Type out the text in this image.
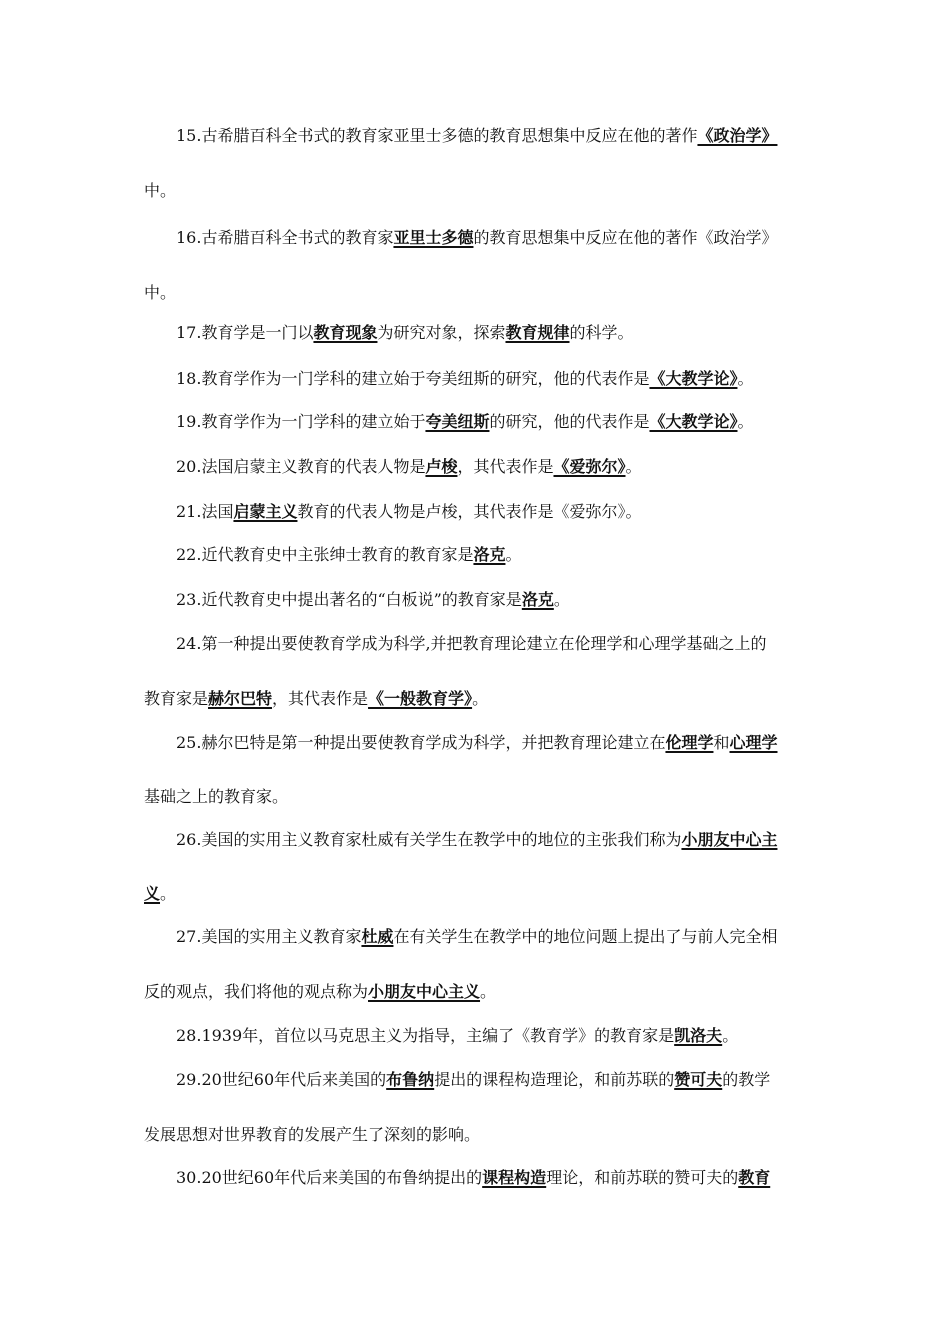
15.古希腊百科全书式的教育家亚里士多德的教育思想集中反应在他的著作《政治学》
中。
16.古希腊百科全书式的教育家亚里士多德的教育思想集中反应在他的著作《政治学》
中。
17.教育学是一门以教育现象为研究对象，探索教育规律的科学。
18.教育学作为一门学科的建立始于夸美纽斯的研究，他的代表作是《大教学论》。
19.教育学作为一门学科的建立始于夸美纽斯的研究，他的代表作是《大教学论》。
20.法国启蒙主义教育的代表人物是卢梭，其代表作是《爱弥尔》。
21.法国启蒙主义教育的代表人物是卢梭，其代表作是《爱弥尔》。
22.近代教育史中主张绅士教育的教育家是洛克。
23.近代教育史中提出著名的“白板说”的教育家是洛克。
24.第一种提出要使教育学成为科学,并把教育理论建立在伦理学和心理学基础之上的
教育家是赫尔巴特，其代表作是《一般教育学》。
25.赫尔巴特是第一种提出要使教育学成为科学，并把教育理论建立在伦理学和心理学
基础之上的教育家。
26.美国的实用主义教育家杜威有关学生在教学中的地位的主张我们称为小朋友中心主
义。
27.美国的实用主义教育家杜威在有关学生在教学中的地位问题上提出了与前人完全相
反的观点，我们将他的观点称为小朋友中心主义。
28.1939年，首位以马克思主义为指导，主编了《教育学》的教育家是凯洛夫。
29.20世纪60年代后来美国的布鲁纳提出的课程构造理论，和前苏联的赞可夫的教学
发展思想对世界教育的发展产生了深刻的影响。
30.20世纪60年代后来美国的布鲁纳提出的课程构造理论，和前苏联的赞可夫的教育
